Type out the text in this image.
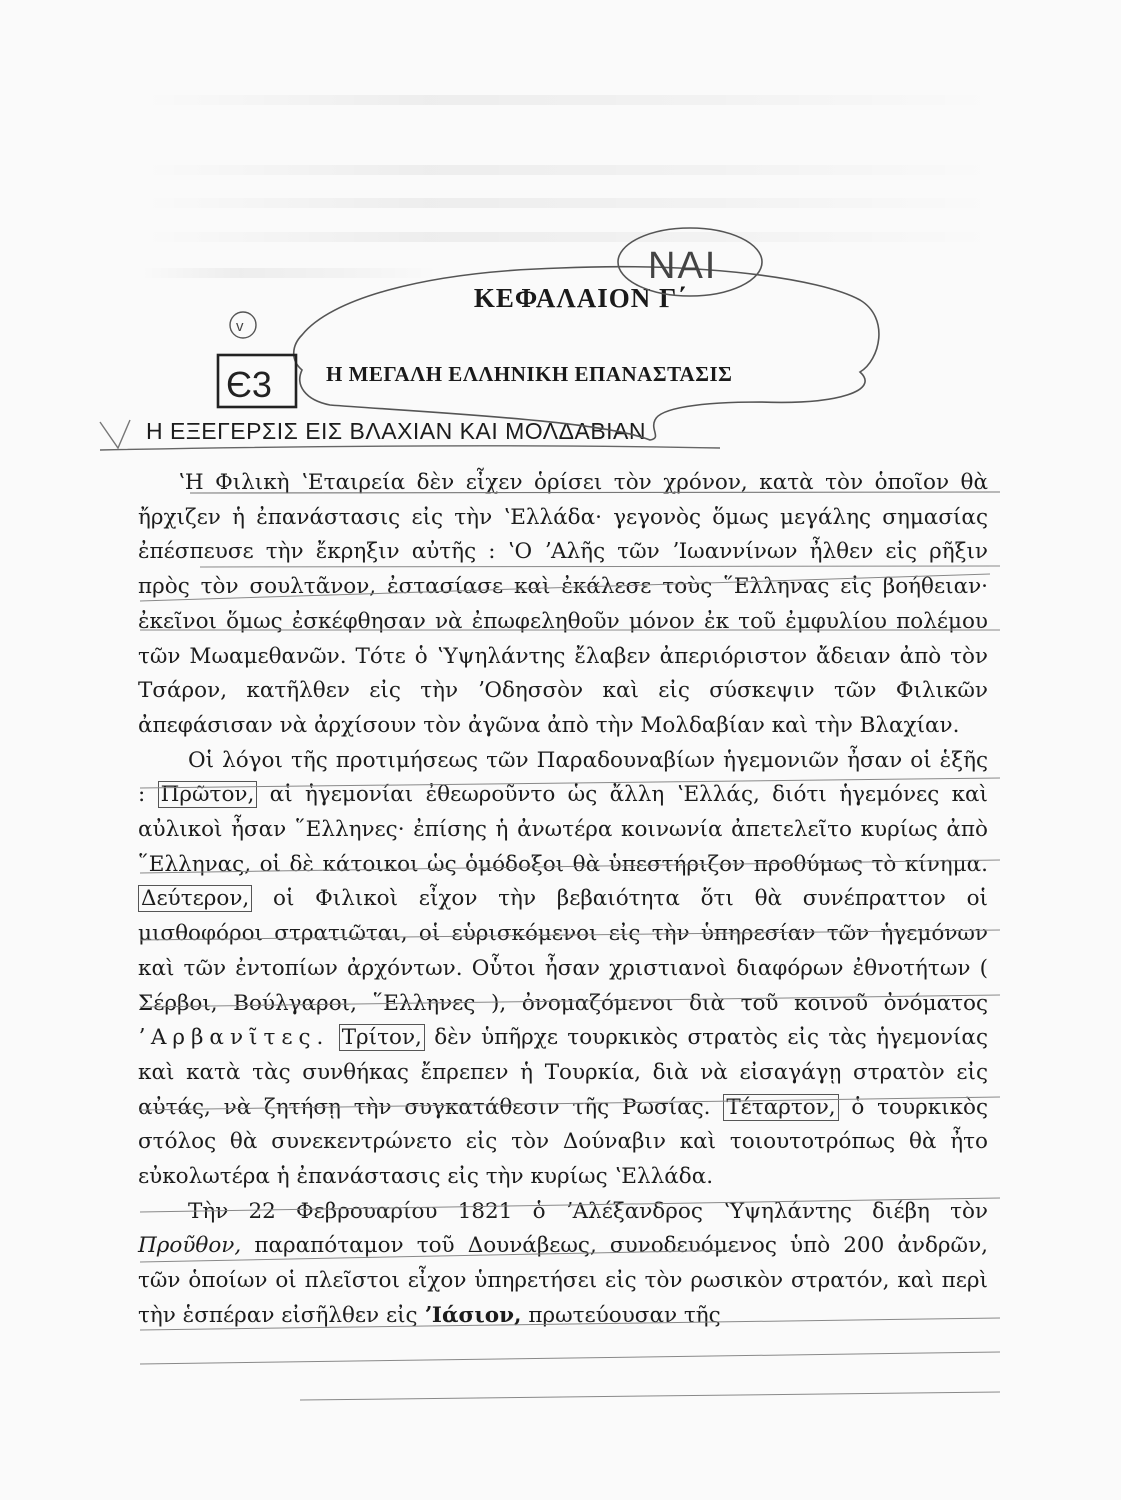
ΚΕΦΑΛΑΙΟΝ Γ΄
Η ΜΕΓΑΛΗ ΕΛΛΗΝΙΚΗ ΕΠΑΝΑΣΤΑΣΙΣ
Η ΕΞΕΓΕΡΣΙΣ ΕΙΣ ΒΛΑΧΙΑΝ ΚΑΙ ΜΟΛΔΑΒΙΑΝ

ʽΗ Φιλικὴ ʽΕταιρεία δὲν εἶχεν ὁρίσει τὸν χρόνον, κατὰ τὸν ὁποῖον θὰ ἤρχιζεν ἡ ἐπανάστασις εἰς τὴν ʽΕλλάδα· γεγονὸς ὅμως μεγάλης σημασίας ἐπέσπευσε τὴν ἔκρηξιν αὐτῆς : ʽΟ ʼΑλῆς τῶν ʼΙωαννίνων ἦλθεν εἰς ρῆξιν πρὸς τὸν σουλτᾶνον, ἐστασίασε καὶ ἐκάλεσε τοὺς ῞Ελληνας εἰς βοήθειαν· ἐκεῖνοι ὅμως ἐσκέφθησαν νὰ ἐπωφεληθοῦν μόνον ἐκ τοῦ ἐμφυλίου πολέμου τῶν Μωαμεθανῶν. Τότε ὁ ʽΥψηλάντης ἔλαβεν ἀπεριόριστον ἄδειαν ἀπὸ τὸν Τσάρον, κατῆλθεν εἰς τὴν ʼΟδησσὸν καὶ εἰς σύσκεψιν τῶν Φιλικῶν ἀπεφάσισαν νὰ ἀρχίσουν τὸν ἀγῶνα ἀπὸ τὴν Μολδαβίαν καὶ τὴν Βλαχίαν.

Οἱ λόγοι τῆς προτιμήσεως τῶν Παραδουναβίων ἡγεμονιῶν ἦσαν οἱ ἑξῆς : Πρῶτον, αἱ ἡγεμονίαι ἐθεωροῦντο ὡς ἄλλη ʽΕλλάς, διότι ἡγεμόνες καὶ αὐλικοὶ ἦσαν ῞Ελληνες· ἐπίσης ἡ ἀνωτέρα κοινωνία ἀπετελεῖτο κυρίως ἀπὸ ῞Ελληνας, οἱ δὲ κάτοικοι ὡς ὁμόδοξοι θὰ ὑπεστήριζον προθύμως τὸ κίνημα. Δεύτερον, οἱ Φιλικοὶ εἶχον τὴν βεβαιότητα ὅτι θὰ συνέπραττον οἱ μισθοφόροι στρατιῶται, οἱ εὑρισκόμενοι εἰς τὴν ὑπηρεσίαν τῶν ἡγεμόνων καὶ τῶν ἐντοπίων ἀρχόντων. Οὗτοι ἦσαν χριστιανοὶ διαφόρων ἐθνοτήτων ( Σέρβοι, Βούλγαροι, ῞Ελληνες ), ὀνομαζόμενοι διὰ τοῦ κοινοῦ ὀνόματος ʼΑρβανῖτες. Τρίτον, δὲν ὑπῆρχε τουρκικὸς στρατὸς εἰς τὰς ἡγεμονίας καὶ κατὰ τὰς συνθήκας ἔπρεπεν ἡ Τουρκία, διὰ νὰ εἰσαγάγῃ στρατὸν εἰς αὐτάς, νὰ ζητήσῃ τὴν συγκατάθεσιν τῆς Ρωσίας. Τέταρτον, ὁ τουρκικὸς στόλος θὰ συνεκεντρώνετο εἰς τὸν Δούναβιν καὶ τοιουτοτρόπως θὰ ἦτο εὐκολωτέρα ἡ ἐπανάστασις εἰς τὴν κυρίως ʽΕλλάδα.

Τὴν 22 Φεβρουαρίου 1821 ὁ ʼΑλέξανδρος ʽΥψηλάντης διέβη τὸν Προῦθον, παραπόταμον τοῦ Δουνάβεως, συνοδευόμενος ὑπὸ 200 ἀνδρῶν, τῶν ὁποίων οἱ πλεῖστοι εἶχον ὑπηρετήσει εἰς τὸν ρωσικὸν στρατόν, καὶ περὶ τὴν ἑσπέραν εἰσῆλθεν εἰς ʼΙάσιον, πρωτεύουσαν τῆς

NAI
v
Є3
